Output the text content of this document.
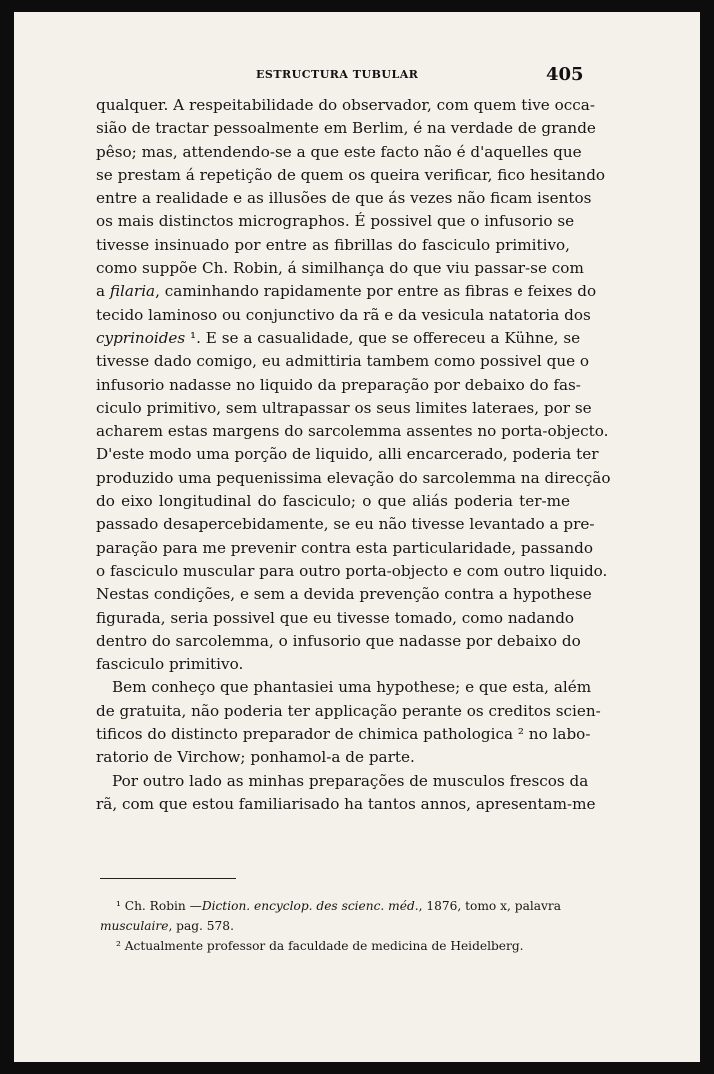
ESTRUCTURA TUBULAR	405
qualquer. A respeitabilidade do observador, com quem tive occa-
sião de tractar pessoalmente em Berlim, é na verdade de grande
pêso; mas, attendendo-se a que este facto não é d'aquelles que
se prestam á repetição de quem os queira verificar, fico hesitando
entre a realidade e as illusões de que ás vezes não ficam isentos
os mais distinctos micrographos. É possivel que o infusorio se
tivesse insinuado por entre as fibrillas do fasciculo primitivo,
como suppõe Ch. Robin, á similhança do que viu passar-se com
a filaria, caminhando rapidamente por entre as fibras e feixes do
tecido laminoso ou conjunctivo da rã e da vesicula natatoria dos
cyprinoides ¹. E se a casualidade, que se offereceu a Kühne, se
tivesse dado comigo, eu admittiria tambem como possivel que o
infusorio nadasse no liquido da preparação por debaixo do fas-
ciculo primitivo, sem ultrapassar os seus limites lateraes, por se
acharem estas margens do sarcolemma assentes no porta-objecto.
D'este modo uma porção de liquido, alli encarcerado, poderia ter
produzido uma pequenissima elevação do sarcolemma na direcção
do eixo longitudinal do fasciculo; o que aliás poderia ter-me
passado desapercebidamente, se eu não tivesse levantado a pre-
paração para me prevenir contra esta particularidade, passando
o fasciculo muscular para outro porta-objecto e com outro liquido.
Nestas condições, e sem a devida prevenção contra a hypothese
figurada, seria possivel que eu tivesse tomado, como nadando
dentro do sarcolemma, o infusorio que nadasse por debaixo do
fasciculo primitivo.
Bem conheço que phantasiei uma hypothese; e que esta, além
de gratuita, não poderia ter applicação perante os creditos scien-
tificos do distincto preparador de chimica pathologica ² no labo-
ratorio de Virchow; ponhamol-a de parte.
Por outro lado as minhas preparações de musculos frescos da
rã, com que estou familiarisado ha tantos annos, apresentam-me
¹ Ch. Robin —Diction. encyclop. des scienc. méd., 1876, tomo x, palavra
musculaire, pag. 578.
² Actualmente professor da faculdade de medicina de Heidelberg.
